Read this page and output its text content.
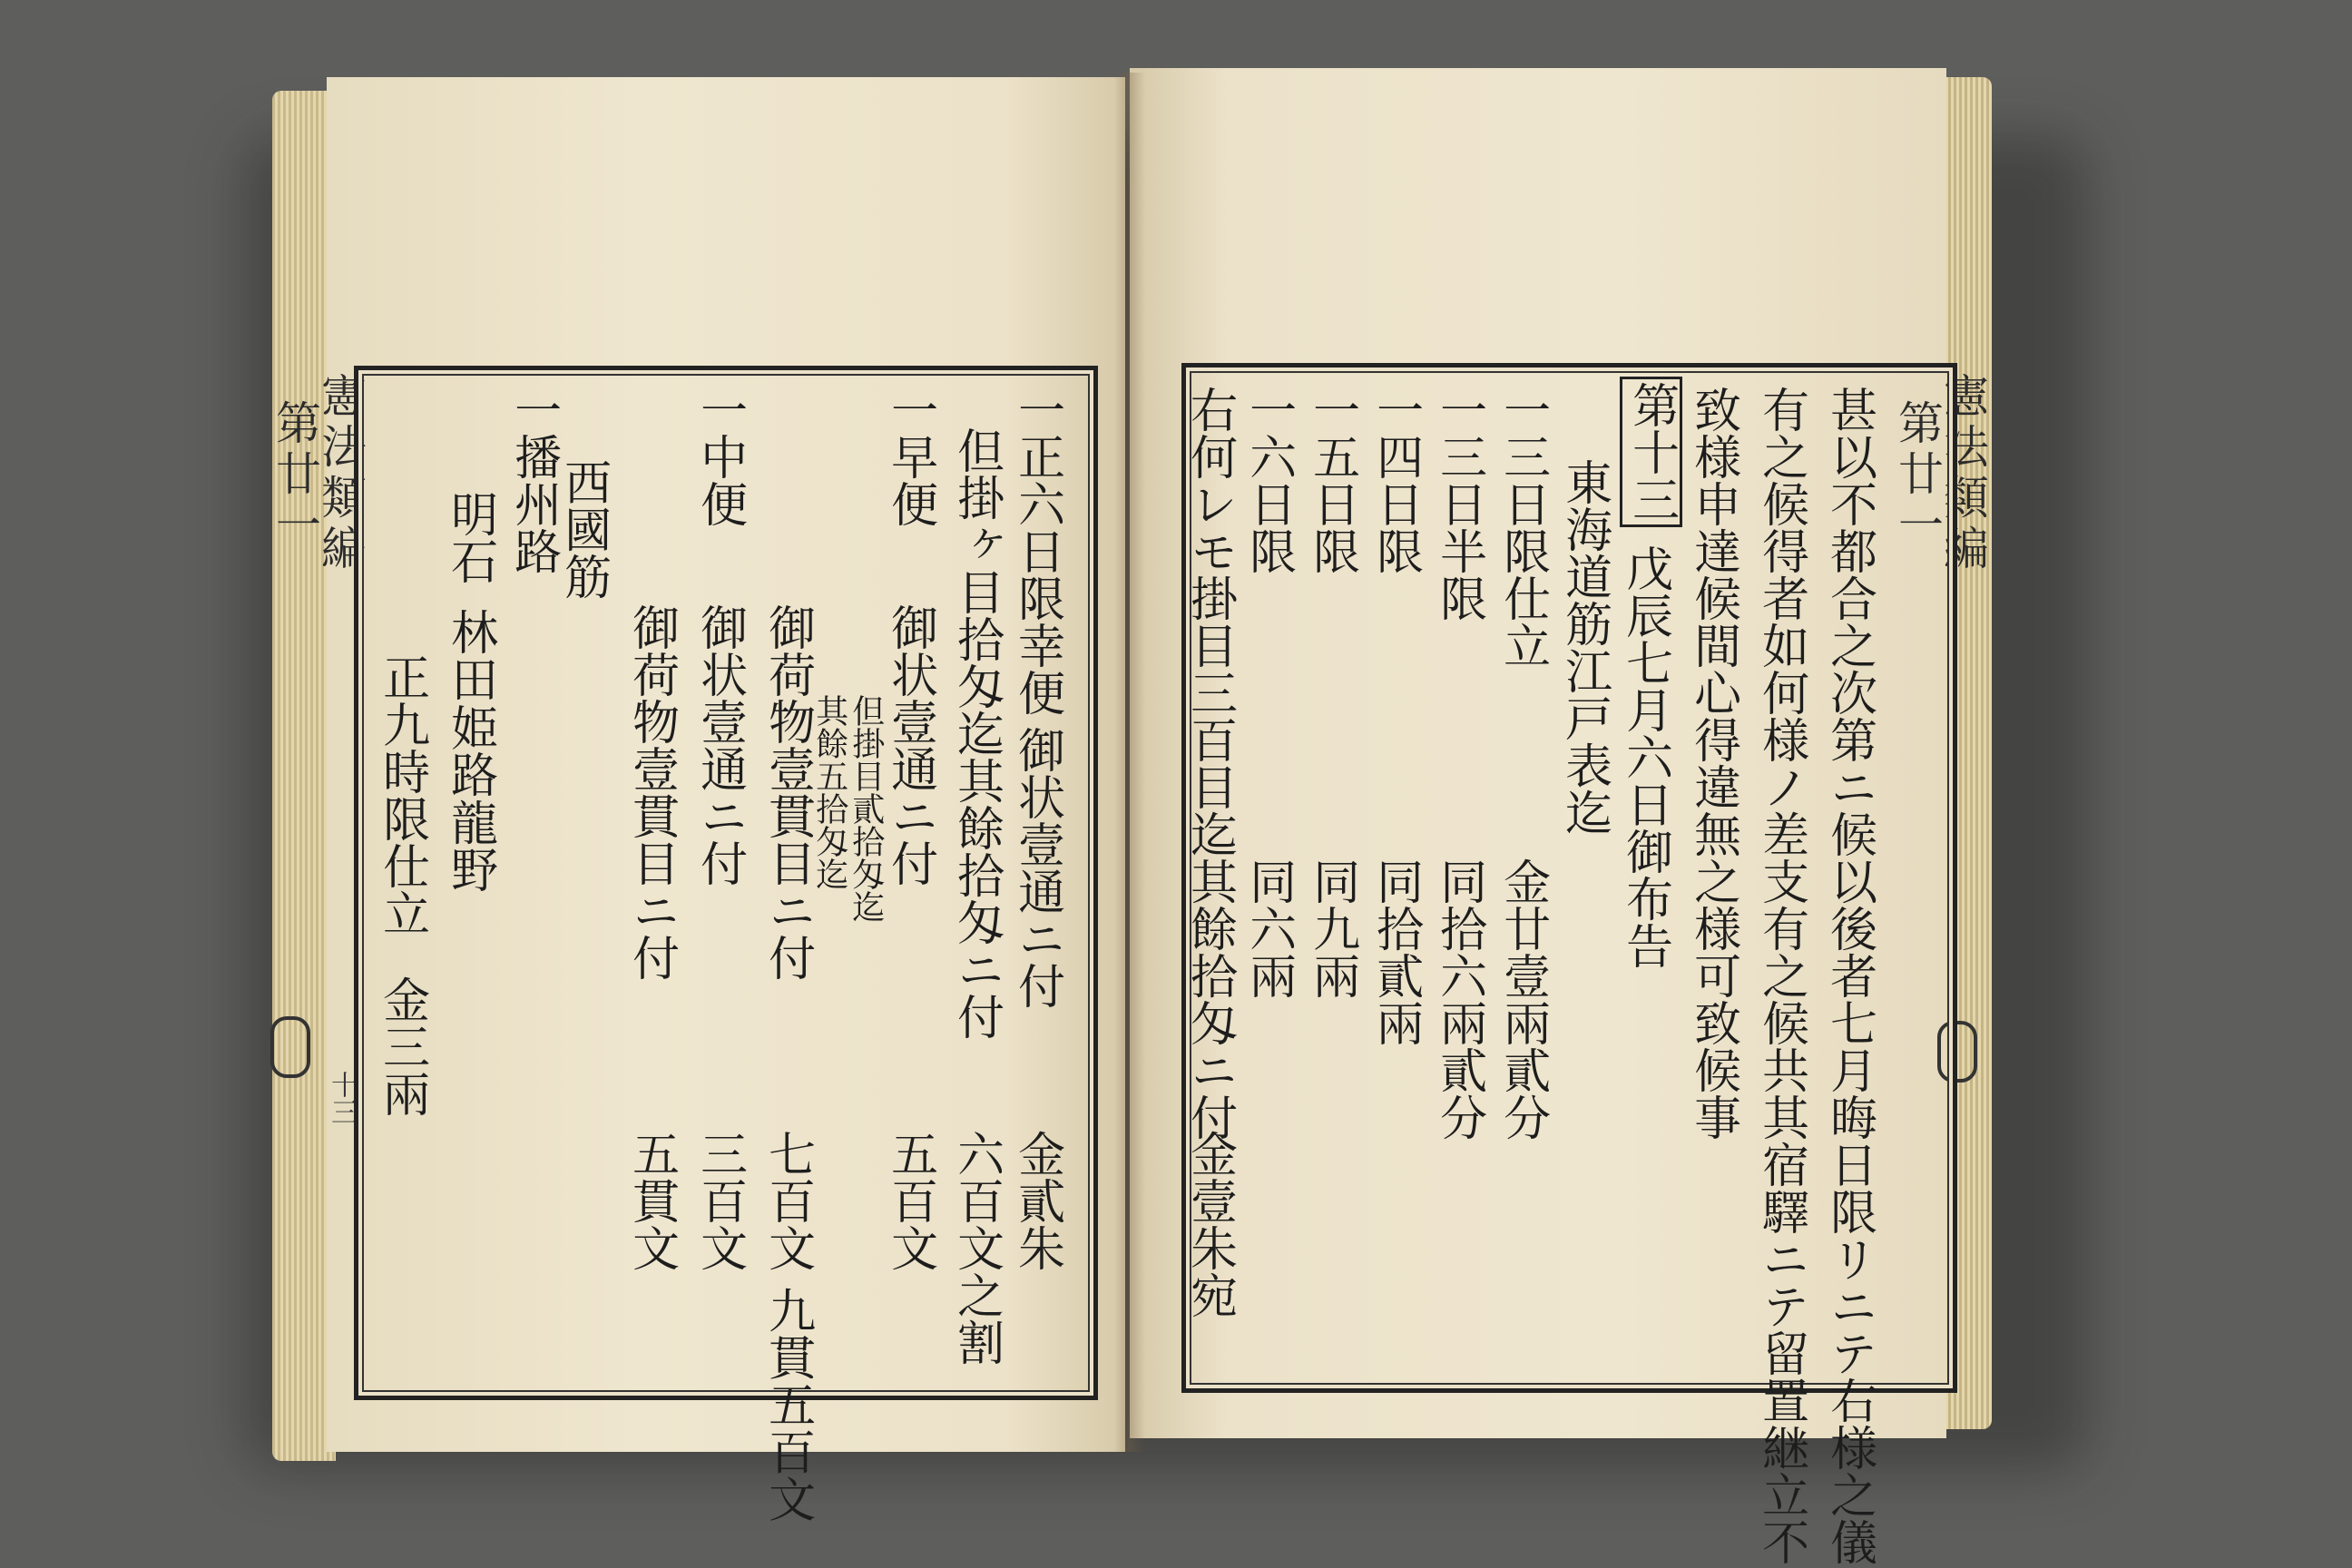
憲法類編
第廿一
十三
憲法類編
第廿一
一正六日限幸便
御状壹通ニ付
金貳朱
六百文之割
一早便 但掛ヶ目拾匁迄其餘拾匁ニ付
御状壹通ニ付
五百文
但掛目貳拾匁迄
其餘五拾匁迄
御荷物壹貫目ニ付
七百文 九貫五百文
一中便
御状壹通ニ付
三百文
御荷物壹貫目ニ付
五貫文
一播州路
西國筋
明石
林田
姫路
龍野
正九時限仕立
金三兩	甚以不都合之次第ニ候以後者七月晦日限リニテ右様之儀
有之候得者如何様ノ差支有之候共其宿驛ニテ留置継立不
致様申達候間心得違無之様可致候事
第十三
戊辰七月六日御布告
東海道筋江戸表迄
一三日限仕立
金廿壹兩貳分
一三日半限
同拾六兩貳分
一四日限
同拾貳兩
一五日限
同九兩
一六日限
同六兩
右何レモ掛目三百目迄其餘拾匁ニ付
金壹朱宛
